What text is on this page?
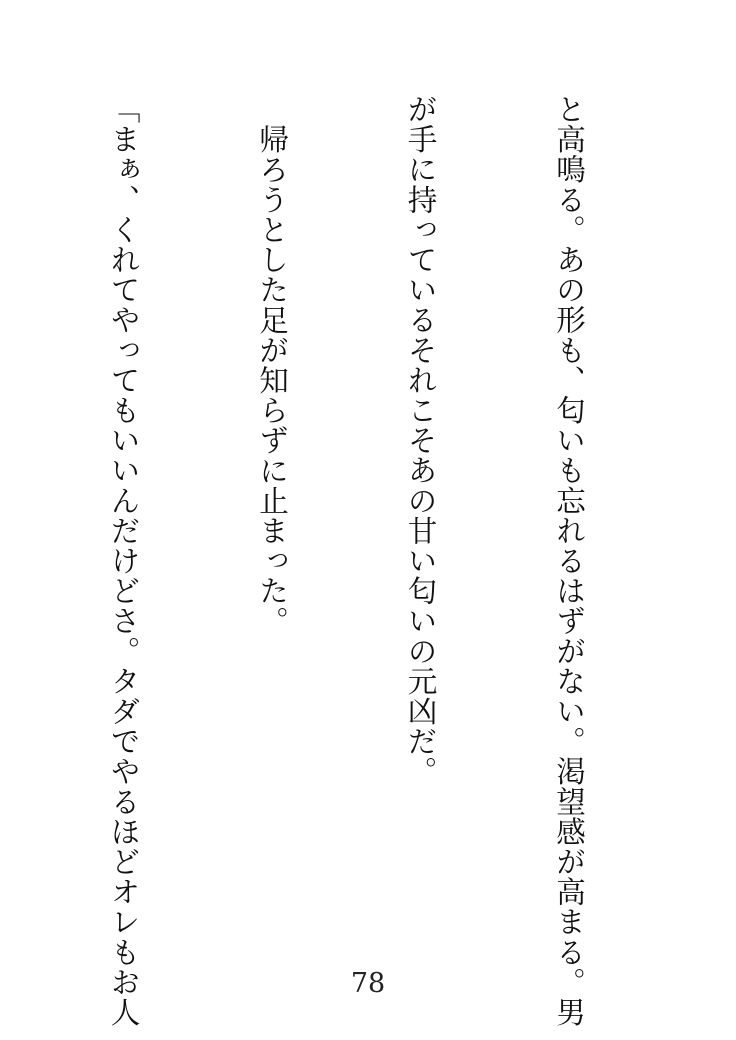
と高鳴る。あの形も、匂いも忘れるはずがない。渇望感が高まる。男

が手に持っているそれこそあの甘い匂いの元凶だ。

　帰ろうとした足が知らずに止まった。

「まぁ、くれてやってもいいんだけどさ。タダでやるほどオレもお人

	78
